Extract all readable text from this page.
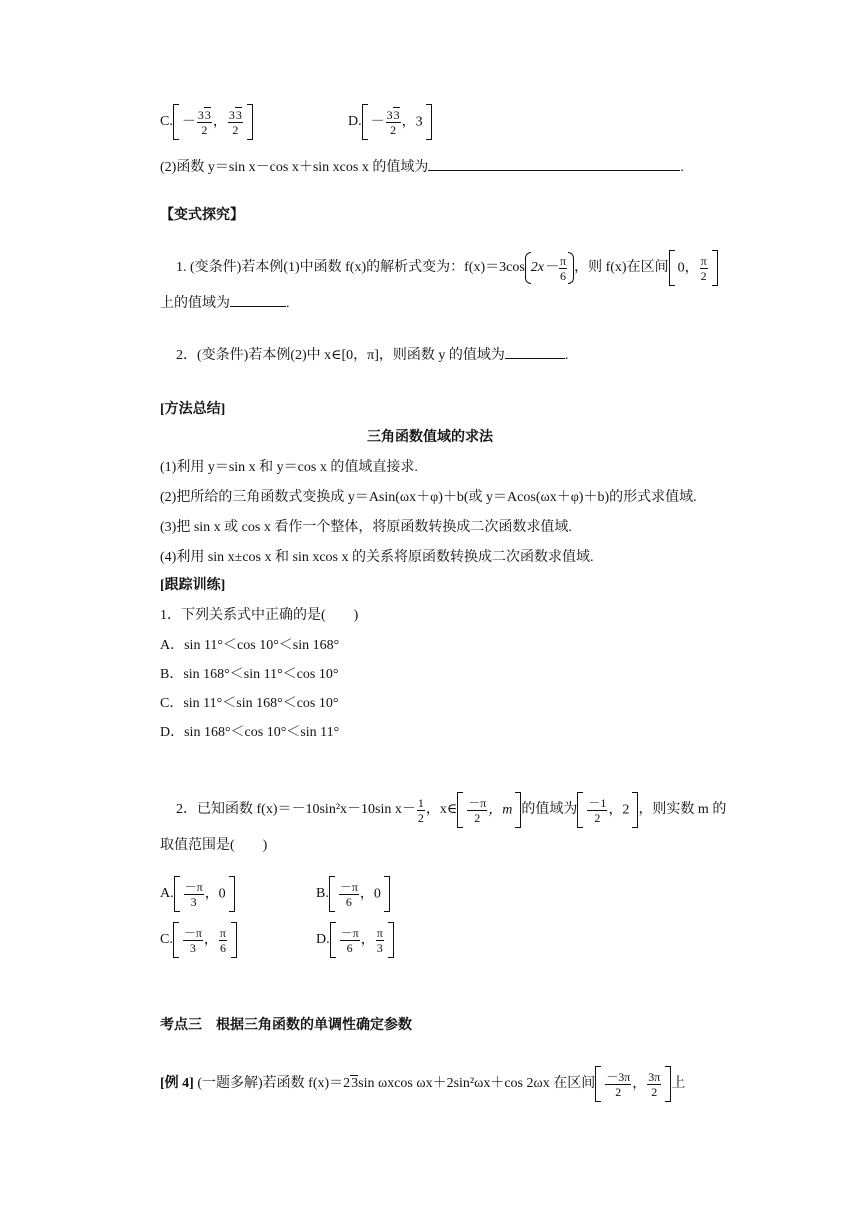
C. － $\frac{33}{2}$ ， $\frac{33}{2}$	D. － $\frac{33}{2}$ ，3
(2)函数 y＝sin x－cos x＋sin xcos x 的值域为	.
【变式探究】
1. (变条件)若本例(1)中函数 f(x)的解析式变为：f(x)＝3cos $2x- \frac{\pi}{6}$ ，则 f(x)在区间 0， $\frac{\pi}{2}$
上的值域为	.
2．(变条件)若本例(2)中 x∈[0，π]，则函数 y 的值域为	.
[方法总结]
三角函数值域的求法
(1)利用 y＝sin x 和 y＝cos x 的值域直接求.
(2)把所给的三角函数式变换成 y＝Asin(ωx＋φ)＋b(或 y＝Acos(ωx＋φ)＋b)的形式求值域.
(3)把 sin x 或 cos x 看作一个整体，将原函数转换成二次函数求值域.
(4)利用 sin x±cos x 和 sin xcos x 的关系将原函数转换成二次函数求值域.
[跟踪训练]
1．下列关系式中正确的是(　　)
A．sin 11°＜cos 10°＜sin 168°
B．sin 168°＜sin 11°＜cos 10°
C．sin 11°＜sin 168°＜cos 10°
D．sin 168°＜cos 10°＜sin 11°
2．已知函数 f(x)＝－10sin²x－10sin $x- \frac{1}{2}$ ，x∈ $\frac{-\pi}{2}$ ，m 的值域为 $\frac{-1}{2}$ ，2 ，则实数 m 的
取值范围是(　　)
A. $\frac{-\pi}{3}$ ，0	B. $\frac{-\pi}{6}$ ，0
C. $\frac{-\pi}{3}$ ， $\frac{\pi}{6}$	D. $\frac{-\pi}{6}$ ， $\frac{\pi}{3}$
考点三　根据三角函数的单调性确定参数
[例 4] (一题多解)若函数 f(x)＝23sin ωxcos ωx＋2sin²ωx＋cos 2ωx 在区间 $\frac{-3\pi}{2}$ ， $\frac{3\pi}{2}$ 上
